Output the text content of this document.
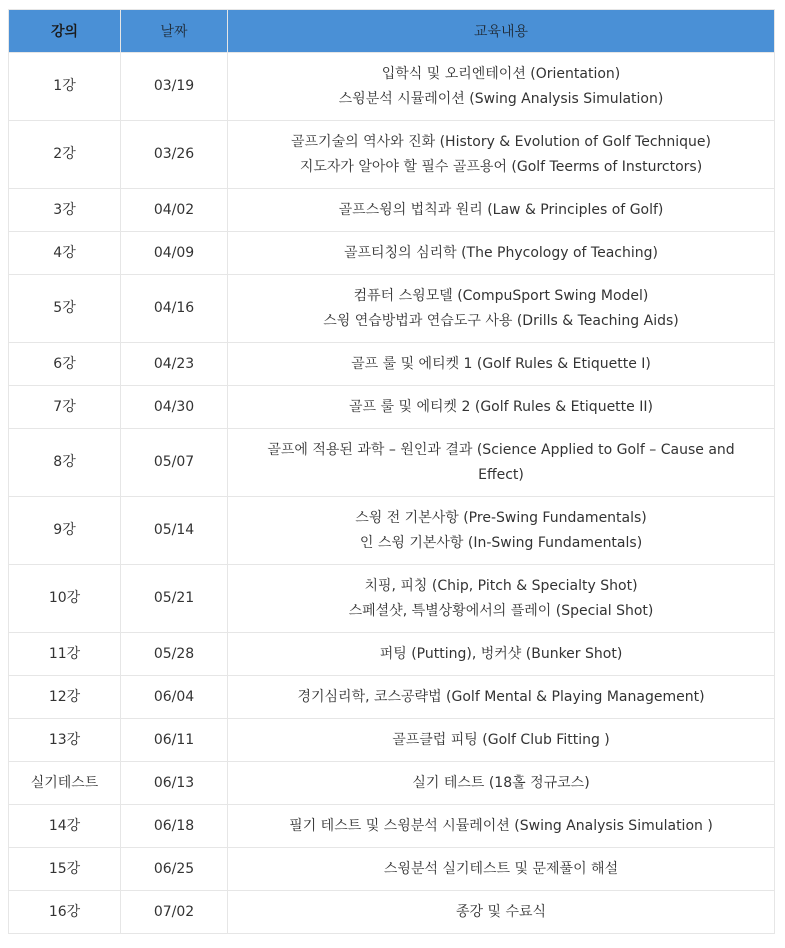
강의	날짜	교육내용
1강	03/19	입학식 및 오리엔테이션 (Orientation)
스윙분석 시뮬레이션 (Swing Analysis Simulation)

2강	03/26	골프기술의 역사와 진화 (History & Evolution of Golf Technique)
지도자가 알아야 할 필수 골프용어 (Golf Teerms of Insturctors)

3강	04/02	골프스윙의 법칙과 원리 (Law & Principles of Golf)

4강	04/09	골프티칭의 심리학 (The Phycology of Teaching)

5강	04/16	컴퓨터 스윙모델 (CompuSport Swing Model)
스윙 연습방법과 연습도구 사용 (Drills & Teaching Aids)

6강	04/23	골프 룰 및 에티켓 1 (Golf Rules & Etiquette I)

7강	04/30	골프 룰 및 에티켓 2 (Golf Rules & Etiquette II)

8강	05/07	골프에 적용된 과학 – 원인과 결과 (Science Applied to Golf – Cause and
Effect)

9강	05/14	스윙 전 기본사항 (Pre-Swing Fundamentals)
인 스윙 기본사항 (In-Swing Fundamentals)

10강	05/21	치핑, 피칭 (Chip, Pitch & Specialty Shot)
스페셜샷, 특별상황에서의 플레이 (Special Shot)

11강	05/28	퍼팅 (Putting), 벙커샷 (Bunker Shot)

12강	06/04	경기심리학, 코스공략법 (Golf Mental & Playing Management)

13강	06/11	골프클럽 피팅 (Golf Club Fitting )

실기테스트	06/13	실기 테스트 (18홀 정규코스)

14강	06/18	필기 테스트 및 스윙분석 시뮬레이션 (Swing Analysis Simulation )

15강	06/25	스윙분석 실기테스트 및 문제풀이 해설

16강	07/02	종강 및 수료식
